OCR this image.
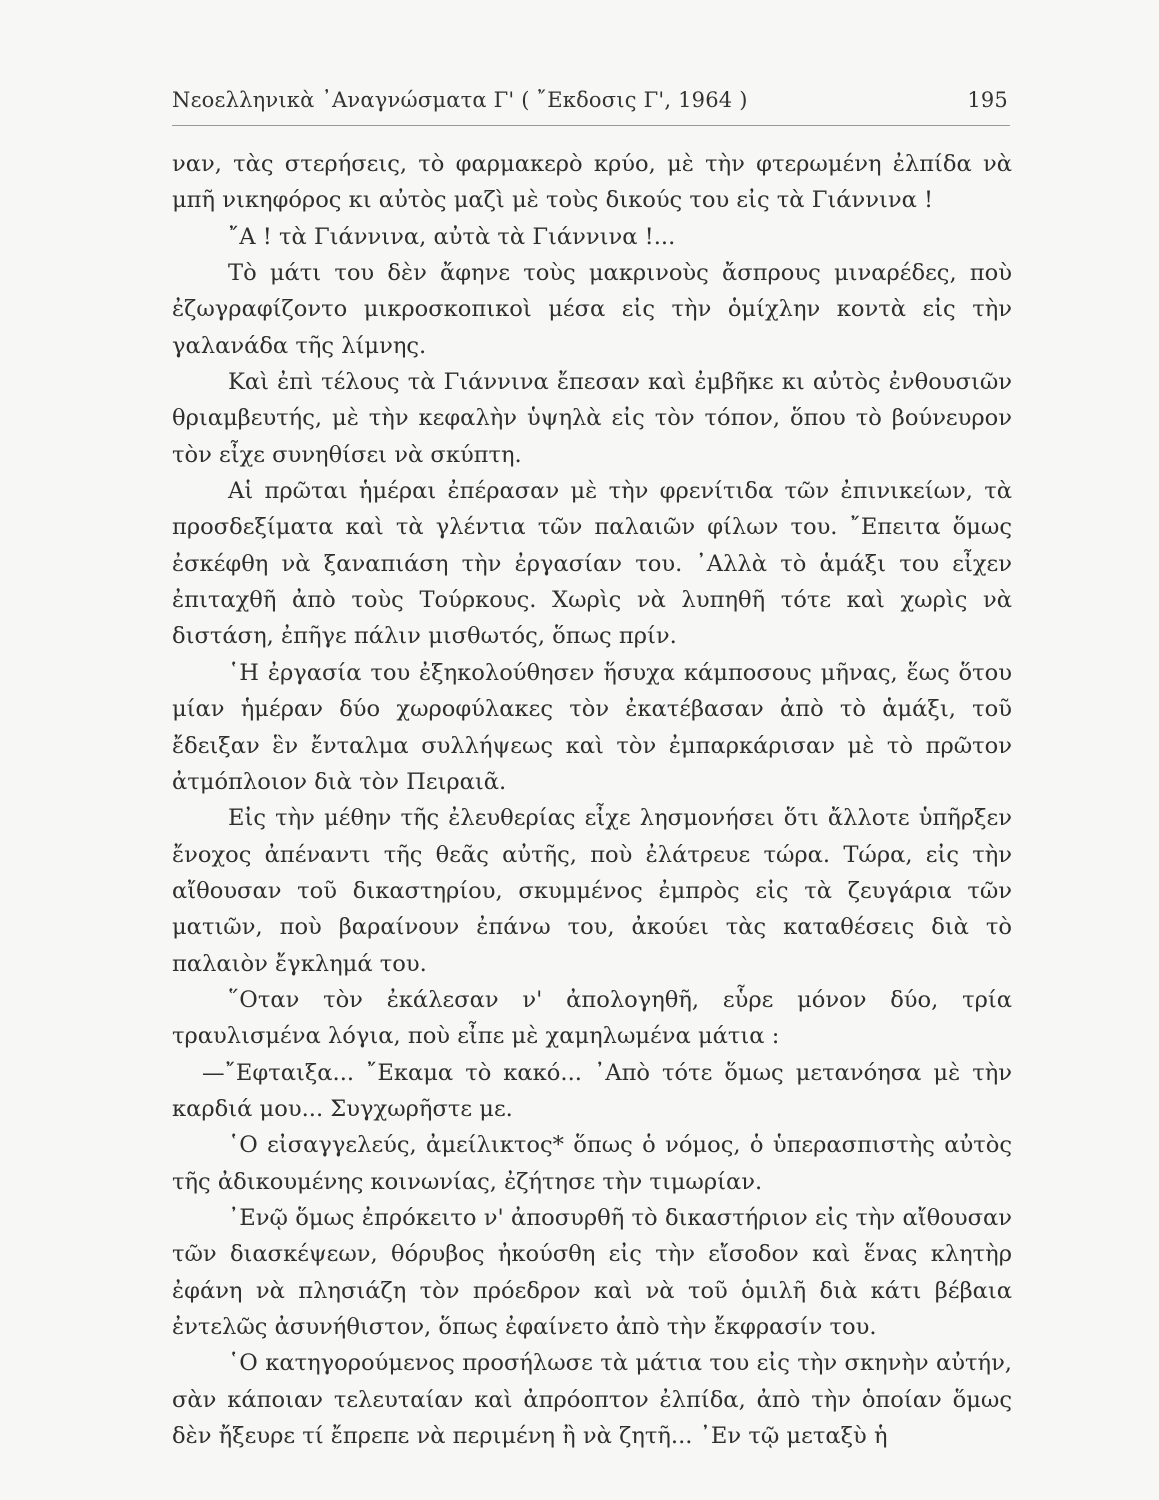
Νεοελληνικὰ ᾿Αναγνώσματα Γ' ( ῎Εκδοσις Γ', 1964 )	195

ναν, τὰς στερήσεις, τὸ φαρμακερὸ κρύο, μὲ τὴν φτερωμένη ἐλπίδα νὰ μπῆ νικηφόρος κι αὐτὸς μαζὶ μὲ τοὺς δικούς του εἰς τὰ Γιάννινα !

῎Α ! τὰ Γιάννινα, αὐτὰ τὰ Γιάννινα !...

Τὸ μάτι του δὲν ἄφηνε τοὺς μακρινοὺς ἄσπρους μιναρέδες, ποὺ ἐζωγραφίζοντο μικροσκοπικοὶ μέσα εἰς τὴν ὁμίχλην κοντὰ εἰς τὴν γαλανάδα τῆς λίμνης.

Καὶ ἐπὶ τέλους τὰ Γιάννινα ἔπεσαν καὶ ἐμβῆκε κι αὐτὸς ἐνθουσιῶν θριαμβευτής, μὲ τὴν κεφαλὴν ὑψηλὰ εἰς τὸν τόπον, ὅπου τὸ βούνευρον τὸν εἶχε συνηθίσει νὰ σκύπτη.

Αἱ πρῶται ἡμέραι ἐπέρασαν μὲ τὴν φρενίτιδα τῶν ἐπινικείων, τὰ προσδεξίματα καὶ τὰ γλέντια τῶν παλαιῶν φίλων του. ῎Επειτα ὅμως ἐσκέφθη νὰ ξαναπιάση τὴν ἐργασίαν του. ᾿Αλλὰ τὸ ἁμάξι του εἶχεν ἐπιταχθῆ ἀπὸ τοὺς Τούρκους. Χωρὶς νὰ λυπηθῆ τότε καὶ χωρὶς νὰ διστάση, ἐπῆγε πάλιν μισθωτός, ὅπως πρίν.

῾Η ἐργασία του ἐξηκολούθησεν ἥσυχα κάμποσους μῆνας, ἕως ὅτου μίαν ἡμέραν δύο χωροφύλακες τὸν ἐκατέβασαν ἀπὸ τὸ ἁμάξι, τοῦ ἔδειξαν ἓν ἔνταλμα συλλήψεως καὶ τὸν ἐμπαρκάρισαν μὲ τὸ πρῶτον ἀτμόπλοιον διὰ τὸν Πειραιᾶ.

Εἰς τὴν μέθην τῆς ἐλευθερίας εἶχε λησμονήσει ὅτι ἄλλοτε ὑπῆρξεν ἔνοχος ἀπέναντι τῆς θεᾶς αὐτῆς, ποὺ ἐλάτρευε τώρα. Τώρα, εἰς τὴν αἴθουσαν τοῦ δικαστηρίου, σκυμμένος ἐμπρὸς εἰς τὰ ζευγάρια τῶν ματιῶν, ποὺ βαραίνουν ἐπάνω του, ἀκούει τὰς καταθέσεις διὰ τὸ παλαιὸν ἔγκλημά του.

῞Οταν τὸν ἐκάλεσαν ν' ἀπολογηθῆ, εὗρε μόνον δύο, τρία τραυλισμένα λόγια, ποὺ εἶπε μὲ χαμηλωμένα μάτια :

—῎Εφταιξα... ῎Εκαμα τὸ κακό... ᾿Απὸ τότε ὅμως μετανόησα μὲ τὴν καρδιά μου... Συγχωρῆστε με.

῾Ο εἰσαγγελεύς, ἀμείλικτος* ὅπως ὁ νόμος, ὁ ὑπερασπιστὴς αὐτὸς τῆς ἀδικουμένης κοινωνίας, ἐζήτησε τὴν τιμωρίαν.

᾿Ενῷ ὅμως ἐπρόκειτο ν' ἀποσυρθῆ τὸ δικαστήριον εἰς τὴν αἴθουσαν τῶν διασκέψεων, θόρυβος ἠκούσθη εἰς τὴν εἴσοδον καὶ ἕνας κλητὴρ ἐφάνη νὰ πλησιάζη τὸν πρόεδρον καὶ νὰ τοῦ ὁμιλῆ διὰ κάτι βέβαια ἐντελῶς ἀσυνήθιστον, ὅπως ἐφαίνετο ἀπὸ τὴν ἔκφρασίν του.

῾Ο κατηγορούμενος προσήλωσε τὰ μάτια του εἰς τὴν σκηνὴν αὐτήν, σὰν κάποιαν τελευταίαν καὶ ἀπρόοπτον ἐλπίδα, ἀπὸ τὴν ὁποίαν ὅμως δὲν ἤξευρε τί ἔπρεπε νὰ περιμένη ἢ νὰ ζητῆ... ᾿Εν τῷ μεταξὺ ἡ
